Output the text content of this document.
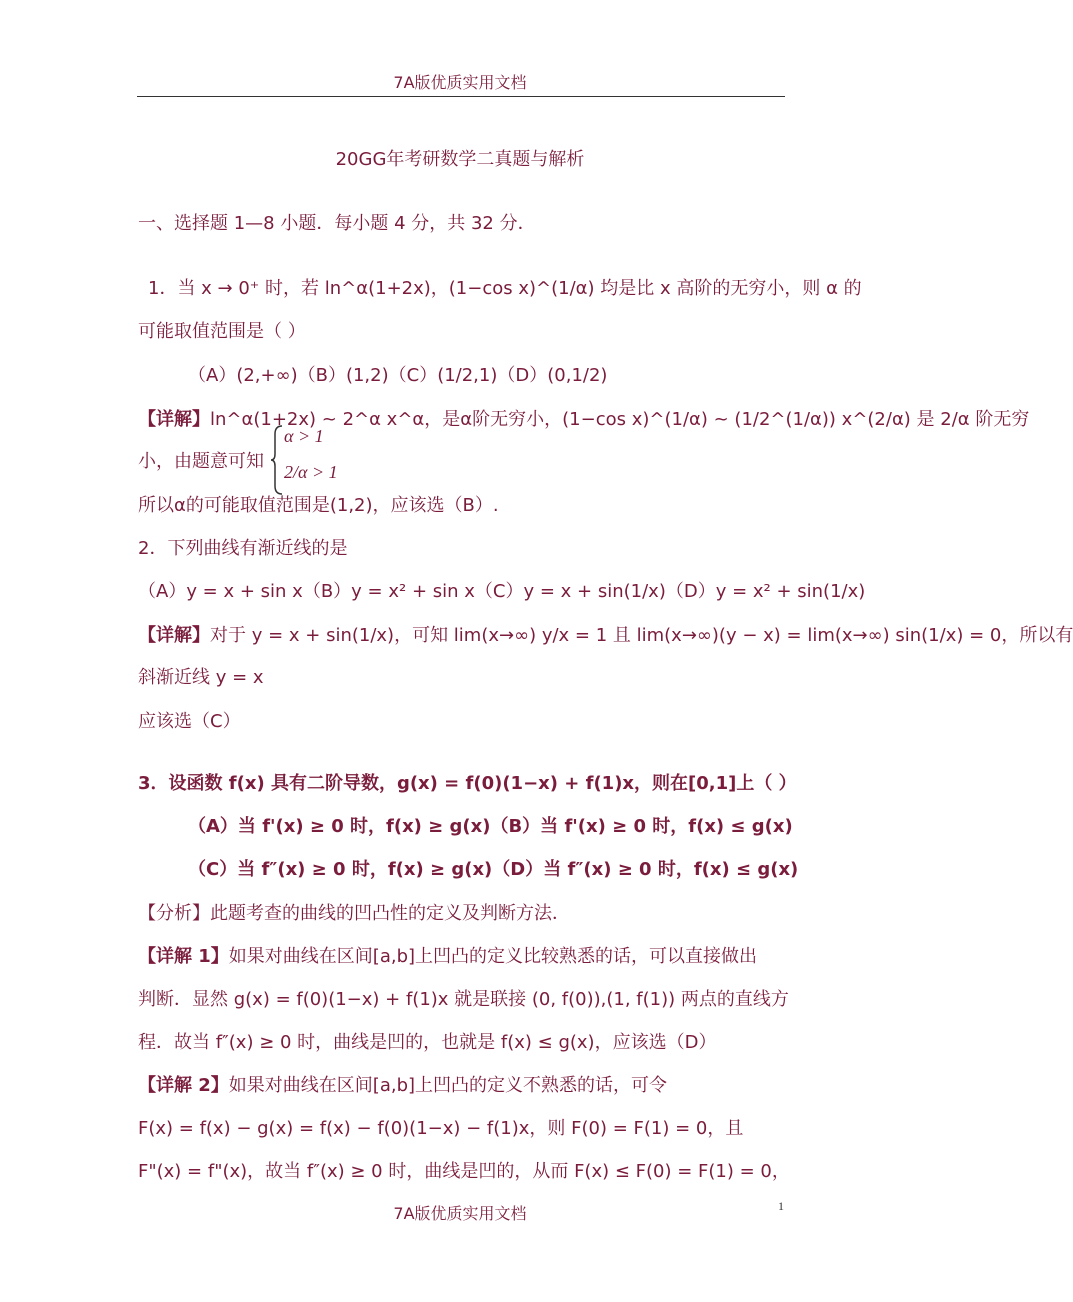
7A版优质实用文档
20GG年考研数学二真题与解析
一、选择题 1—8 小题．每小题 4 分，共 32 分．
1．当 x → 0⁺ 时，若 ln^α(1+2x)，(1−cos x)^(1/α) 均是比 x 高阶的无穷小，则 α 的
可能取值范围是（ ）
（A）(2,+∞)（B）(1,2)（C）(1/2,1)（D）(0,1/2)
【详解】ln^α(1+2x) ~ 2^α x^α，是α阶无穷小，(1−cos x)^(1/α) ~ (1/2^(1/α)) x^(2/α) 是 2/α 阶无穷
小，由题意可知
α > 1
2/α > 1
所以α的可能取值范围是(1,2)，应该选（B）.
2．下列曲线有渐近线的是
（A）y = x + sin x（B）y = x² + sin x（C）y = x + sin(1/x)（D）y = x² + sin(1/x)
【详解】对于 y = x + sin(1/x)，可知 lim(x→∞) y/x = 1 且 lim(x→∞)(y − x) = lim(x→∞) sin(1/x) = 0，所以有
斜渐近线 y = x
应该选（C）
3．设函数 f(x) 具有二阶导数，g(x) = f(0)(1−x) + f(1)x，则在[0,1]上（ ）
（A）当 f'(x) ≥ 0 时，f(x) ≥ g(x)（B）当 f'(x) ≥ 0 时，f(x) ≤ g(x)
（C）当 f″(x) ≥ 0 时，f(x) ≥ g(x)（D）当 f″(x) ≥ 0 时，f(x) ≤ g(x)
【分析】此题考查的曲线的凹凸性的定义及判断方法．
【详解 1】如果对曲线在区间[a,b]上凹凸的定义比较熟悉的话，可以直接做出
判断．显然 g(x) = f(0)(1−x) + f(1)x 就是联接 (0, f(0)),(1, f(1)) 两点的直线方
程．故当 f″(x) ≥ 0 时，曲线是凹的，也就是 f(x) ≤ g(x)，应该选（D）
【详解 2】如果对曲线在区间[a,b]上凹凸的定义不熟悉的话，可令
F(x) = f(x) − g(x) = f(x) − f(0)(1−x) − f(1)x，则 F(0) = F(1) = 0，且
F"(x) = f"(x)，故当 f″(x) ≥ 0 时，曲线是凹的，从而 F(x) ≤ F(0) = F(1) = 0，
7A版优质实用文档	1
